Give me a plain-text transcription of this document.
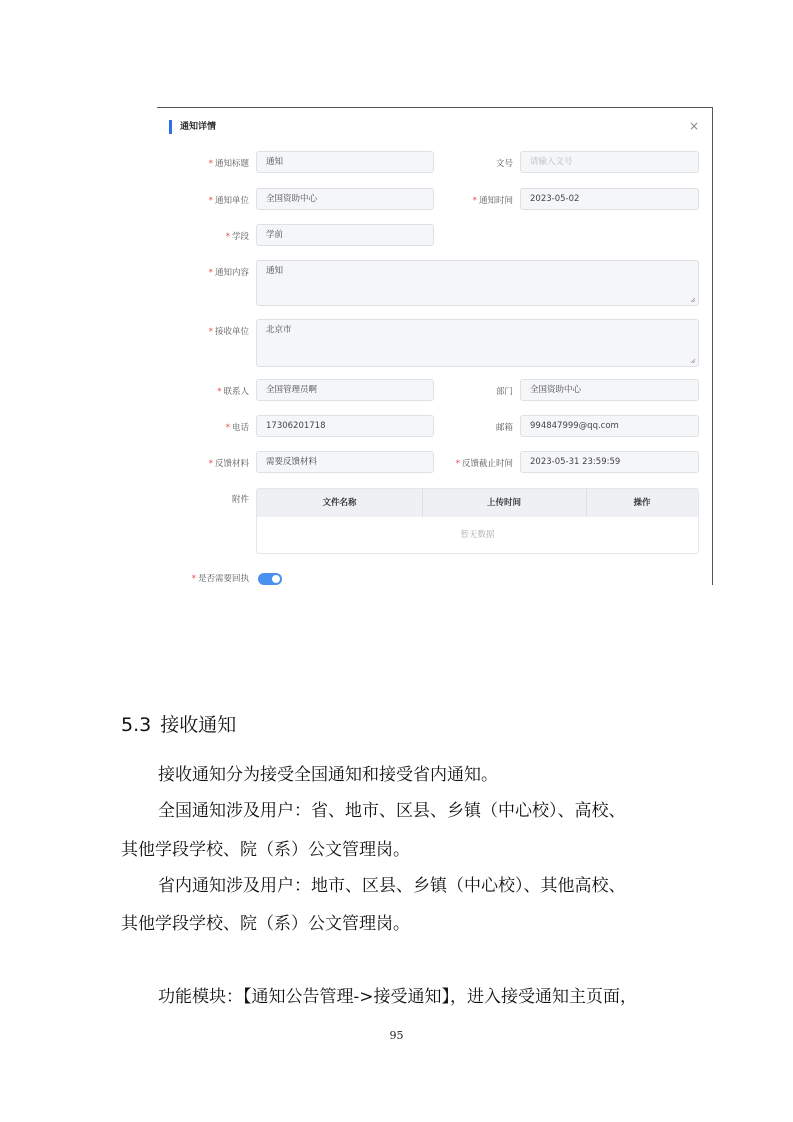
通知详情	×
* 通知标题	通知	文号	请输入文号
* 通知单位	全国资助中心	* 通知时间	2023-05-02
* 学段	学前
* 通知内容	通知
* 接收单位	北京市
* 联系人	全国管理员啊	部门	全国资助中心
* 电话	17306201718	邮箱	994847999@qq.com
* 反馈材料	需要反馈材料	* 反馈截止时间	2023-05-31 23:59:59
附件	文件名称	上传时间	操作
暂无数据
* 是否需要回执
5.3 接收通知
接收通知分为接受全国通知和接受省内通知。
全国通知涉及用户：省、地市、区县、乡镇（中心校）、高校、
其他学段学校、院（系）公文管理岗。
省内通知涉及用户：地市、区县、乡镇（中心校）、其他高校、
其他学段学校、院（系）公文管理岗。
功能模块：【通知公告管理->接受通知】，进入接受通知主页面，
95
